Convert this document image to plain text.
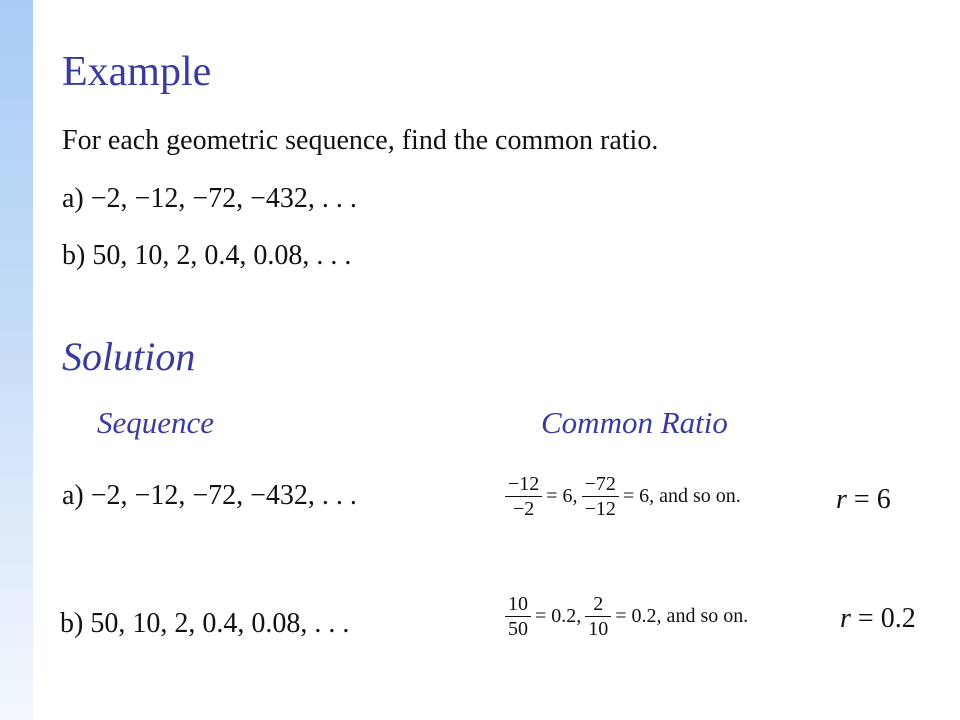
Example
For each geometric sequence, find the common ratio.
a) −2, −12, −72, −432, . . .
b) 50, 10, 2, 0.4, 0.08, . . .
Solution
Sequence	Common Ratio
a) −2, −12, −72, −432, . . .	$\frac{-12}{-2} = 6$, $\frac{-72}{-12} = 6$, and so on.	r = 6
b) 50, 10, 2, 0.4, 0.08, . . .	$\frac{10}{50} = 0.2$, $\frac{2}{10} = 0.2$, and so on.	r = 0.2
